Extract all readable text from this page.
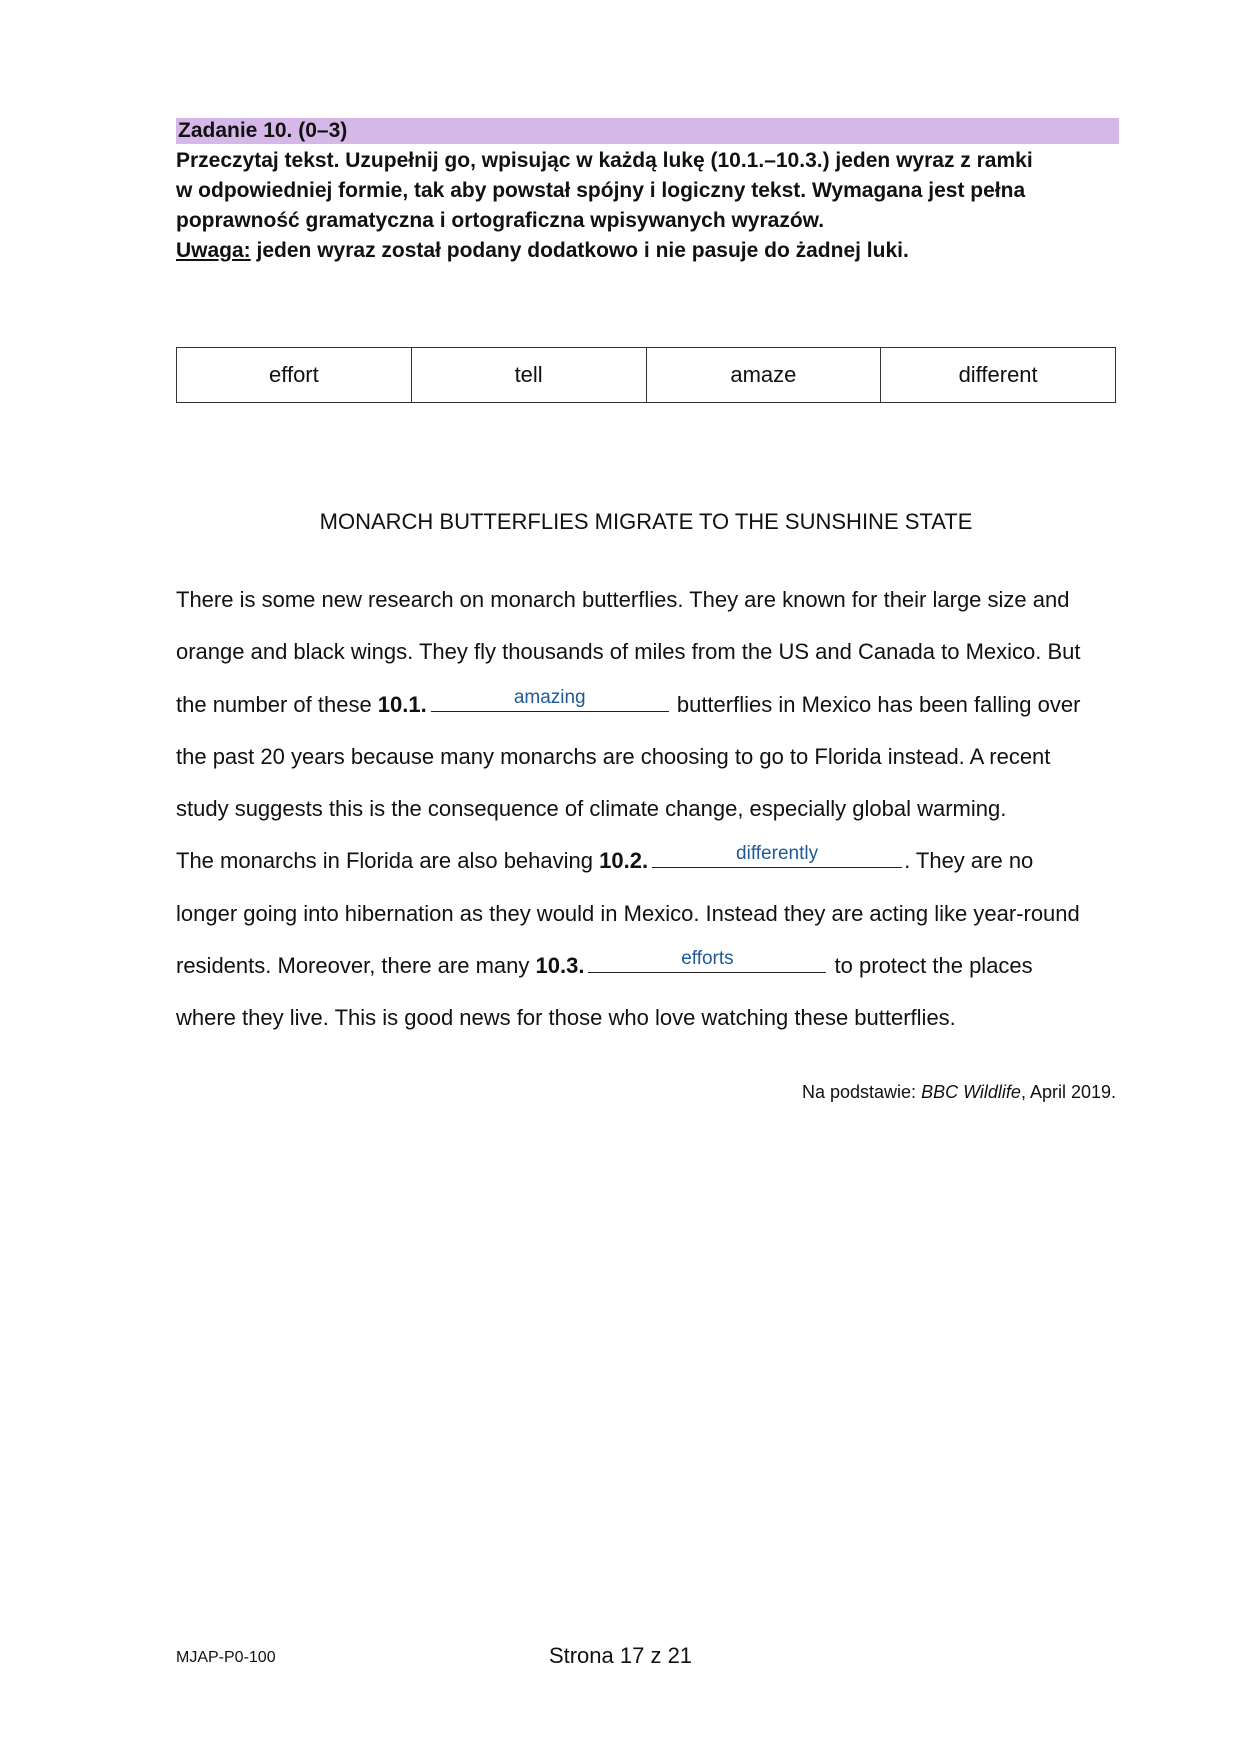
Zadanie 10. (0–3)
Przeczytaj tekst. Uzupełnij go, wpisując w każdą lukę (10.1.–10.3.) jeden wyraz z ramki
w odpowiedniej formie, tak aby powstał spójny i logiczny tekst. Wymagana jest pełna
poprawność gramatyczna i ortograficzna wpisywanych wyrazów.
Uwaga: jeden wyraz został podany dodatkowo i nie pasuje do żadnej luki.
effort	tell	amaze	different
MONARCH BUTTERFLIES MIGRATE TO THE SUNSHINE STATE
There is some new research on monarch butterflies. They are known for their large size and
orange and black wings. They fly thousands of miles from the US and Canada to Mexico. But
the number of these 10.1.	amazing	butterflies in Mexico has been falling over
the past 20 years because many monarchs are choosing to go to Florida instead. A recent
study suggests this is the consequence of climate change, especially global warming.
The monarchs in Florida are also behaving 10.2.	differently	. They are no
longer going into hibernation as they would in Mexico. Instead they are acting like year-round
residents. Moreover, there are many 10.3.	efforts	to protect the places
where they live. This is good news for those who love watching these butterflies.
Na podstawie: BBC Wildlife, April 2019.
MJAP-P0-100	Strona 17 z 21
